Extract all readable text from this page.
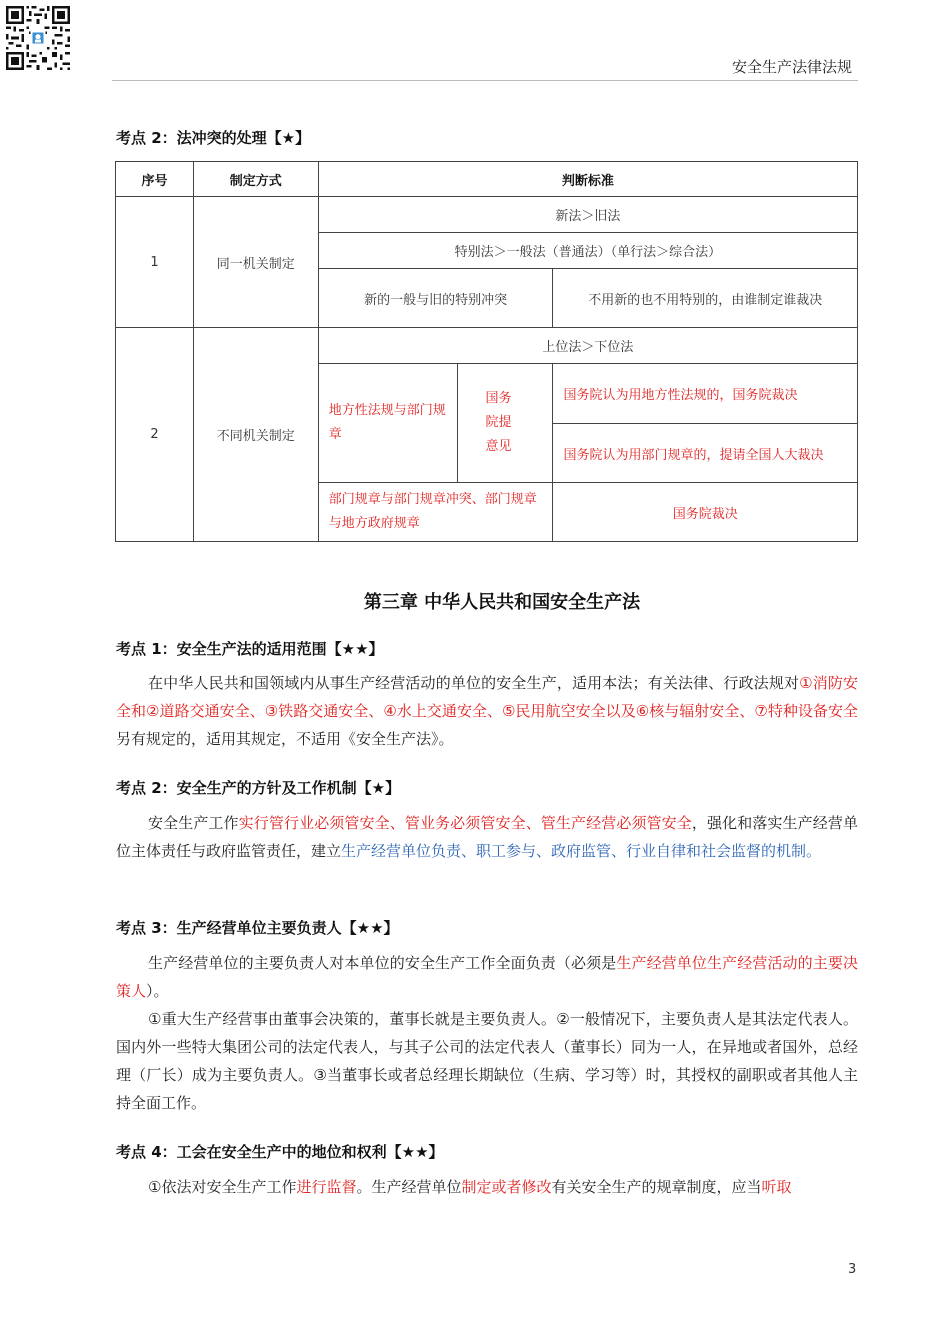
安全生产法律法规
考点 2：法冲突的处理【★】
序号	制定方式	判断标准		
1	同一机关制定	新法＞旧法		
		特别法＞一般法（普通法）（单行法＞综合法）		
		新的一般与旧的特别冲突		不用新的也不用特别的，由谁制定谁裁决
2	不同机关制定	上位法＞下位法		
		地方性法规与部门规章	国务院提意见	国务院认为用地方性法规的，国务院裁决
				国务院认为用部门规章的，提请全国人大裁决
		部门规章与部门规章冲突、部门规章与地方政府规章		国务院裁决
第三章 中华人民共和国安全生产法
考点 1：安全生产法的适用范围【★★】
在中华人民共和国领域内从事生产经营活动的单位的安全生产，适用本法；有关法律、行政法规对①消防安全和②道路交通安全、③铁路交通安全、④水上交通安全、⑤民用航空安全以及⑥核与辐射安全、⑦特种设备安全另有规定的，适用其规定，不适用《安全生产法》。
考点 2：安全生产的方针及工作机制【★】
安全生产工作实行管行业必须管安全、管业务必须管安全、管生产经营必须管安全，强化和落实生产经营单位主体责任与政府监管责任，建立生产经营单位负责、职工参与、政府监管、行业自律和社会监督的机制。
考点 3：生产经营单位主要负责人【★★】
生产经营单位的主要负责人对本单位的安全生产工作全面负责（必须是生产经营单位生产经营活动的主要决策人）。
①重大生产经营事由董事会决策的，董事长就是主要负责人。②一般情况下，主要负责人是其法定代表人。国内外一些特大集团公司的法定代表人，与其子公司的法定代表人（董事长）同为一人，在异地或者国外，总经理（厂长）成为主要负责人。③当董事长或者总经理长期缺位（生病、学习等）时，其授权的副职或者其他人主持全面工作。
考点 4：工会在安全生产中的地位和权利【★★】
①依法对安全生产工作进行监督。生产经营单位制定或者修改有关安全生产的规章制度，应当听取
3
